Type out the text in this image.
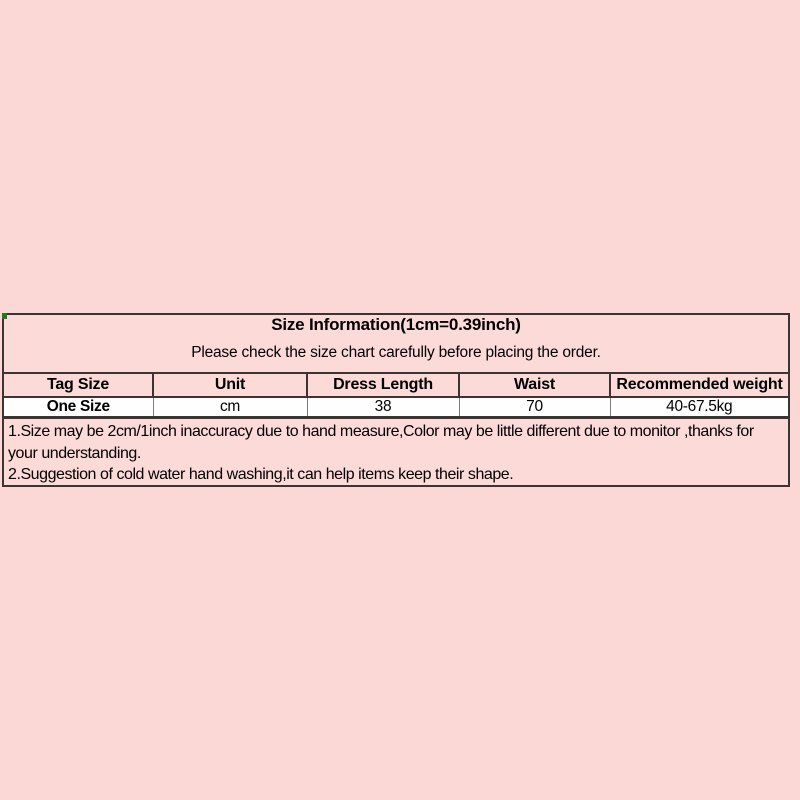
Size Information(1cm=0.39inch)
Please check the size chart carefully before placing the order.
Tag Size	Unit	Dress Length	Waist	Recommended weight
One Size	cm	38	70	40-67.5kg
1.Size may be 2cm/1inch inaccuracy due to hand measure,Color may be little different due to monitor ,thanks for your understanding.
2.Suggestion of cold water hand washing,it can help items keep their shape.
